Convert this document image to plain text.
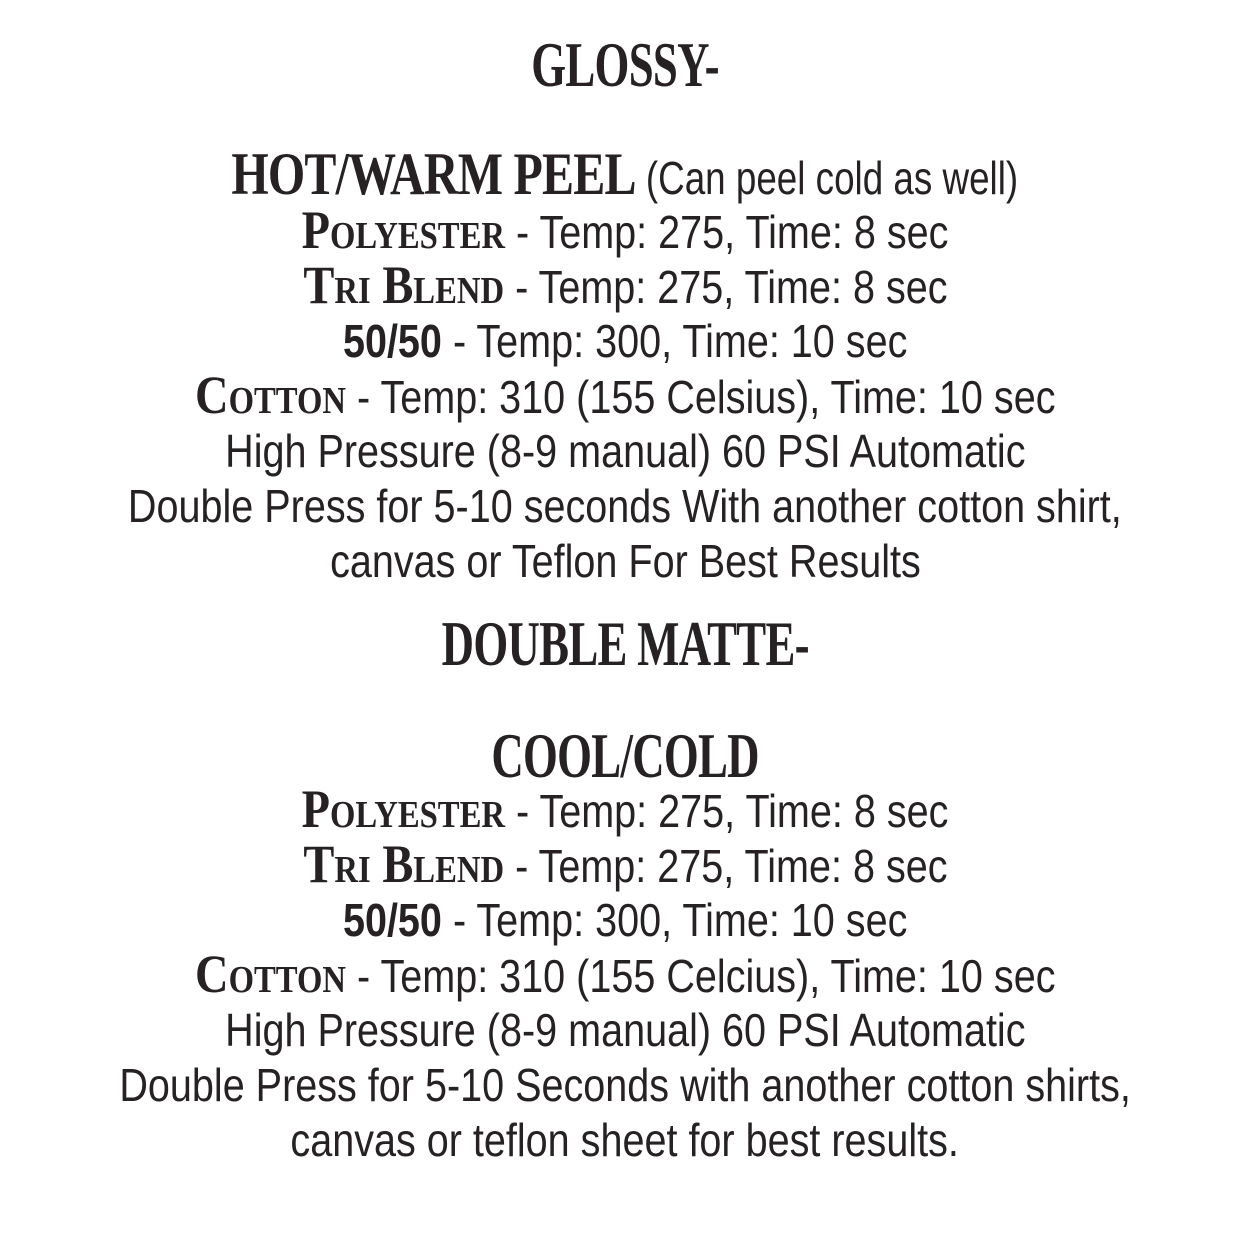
GLOSSY-
HOT/WARM PEEL (Can peel cold as well)
Polyester - Temp: 275, Time: 8 sec
Tri Blend - Temp: 275, Time: 8 sec
50/50 - Temp: 300, Time: 10 sec
Cotton - Temp: 310 (155 Celsius), Time: 10 sec
High Pressure (8-9 manual) 60 PSI Automatic
Double Press for 5-10 seconds With another cotton shirt,
canvas or Teflon For Best Results
DOUBLE MATTE-
COOL/COLD
Polyester - Temp: 275, Time: 8 sec
Tri Blend - Temp: 275, Time: 8 sec
50/50 - Temp: 300, Time: 10 sec
Cotton - Temp: 310 (155 Celcius), Time: 10 sec
High Pressure (8-9 manual) 60 PSI Automatic
Double Press for 5-10 Seconds with another cotton shirts,
canvas or teflon sheet for best results.
